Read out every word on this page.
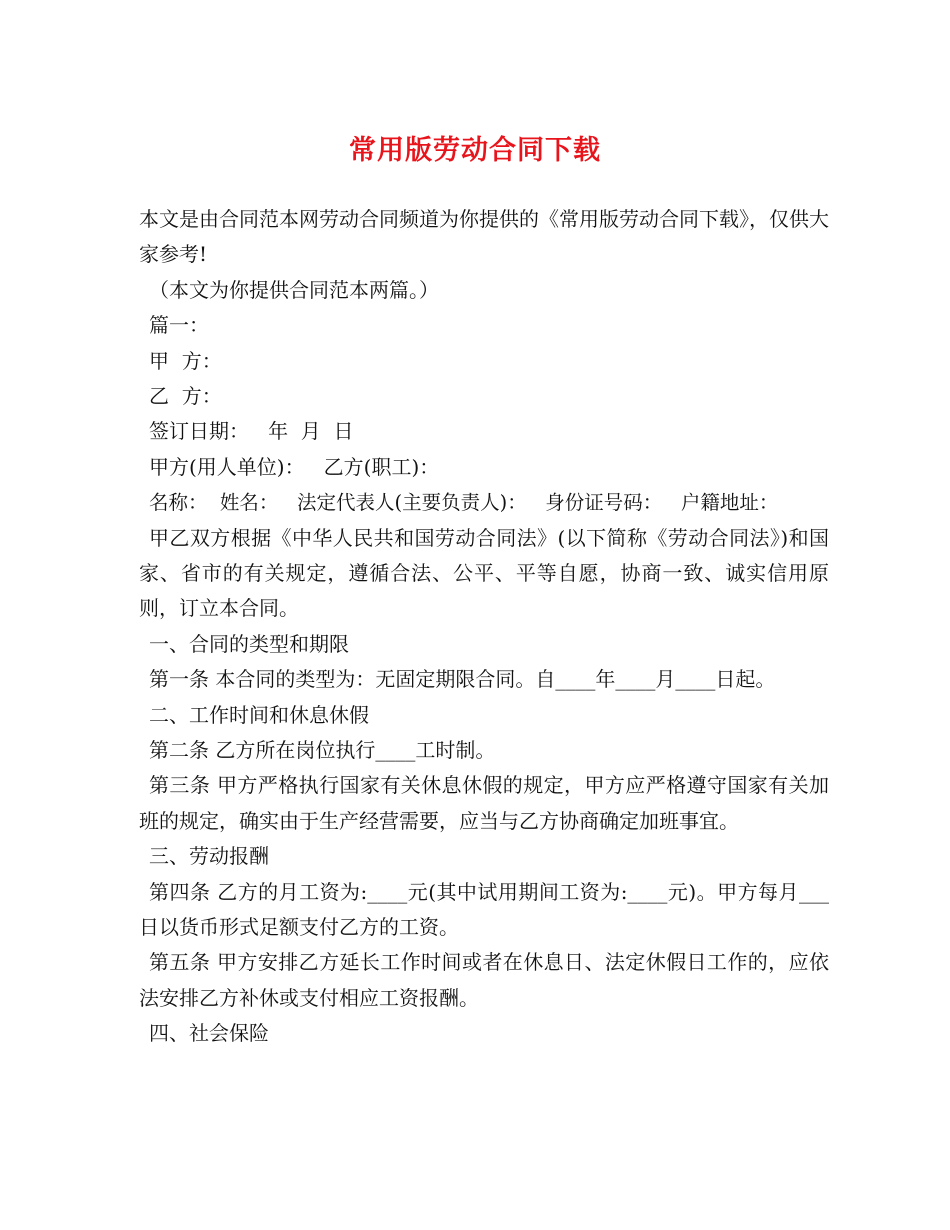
常用版劳动合同下载
本文是由合同范本网劳动合同频道为你提供的《常用版劳动合同下载》，仅供大家参考!
（本文为你提供合同范本两篇。）
篇一：
甲  方：
乙  方：
签订日期：   年  月  日
甲方(用人单位)：   乙方(职工)：
名称：  姓名：   法定代表人(主要负责人)：   身份证号码：   户籍地址：
甲乙双方根据《中华人民共和国劳动合同法》(以下简称《劳动合同法》)和国家、省市的有关规定，遵循合法、公平、平等自愿，协商一致、诚实信用原则，订立本合同。
一、合同的类型和期限
第一条 本合同的类型为：无固定期限合同。自____年____月____日起。
二、工作时间和休息休假
第二条 乙方所在岗位执行____工时制。
第三条 甲方严格执行国家有关休息休假的规定，甲方应严格遵守国家有关加班的规定，确实由于生产经营需要，应当与乙方协商确定加班事宜。
三、劳动报酬
第四条 乙方的月工资为:____元(其中试用期间工资为:____元)。甲方每月___日以货币形式足额支付乙方的工资。
第五条 甲方安排乙方延长工作时间或者在休息日、法定休假日工作的，应依法安排乙方补休或支付相应工资报酬。
四、社会保险
